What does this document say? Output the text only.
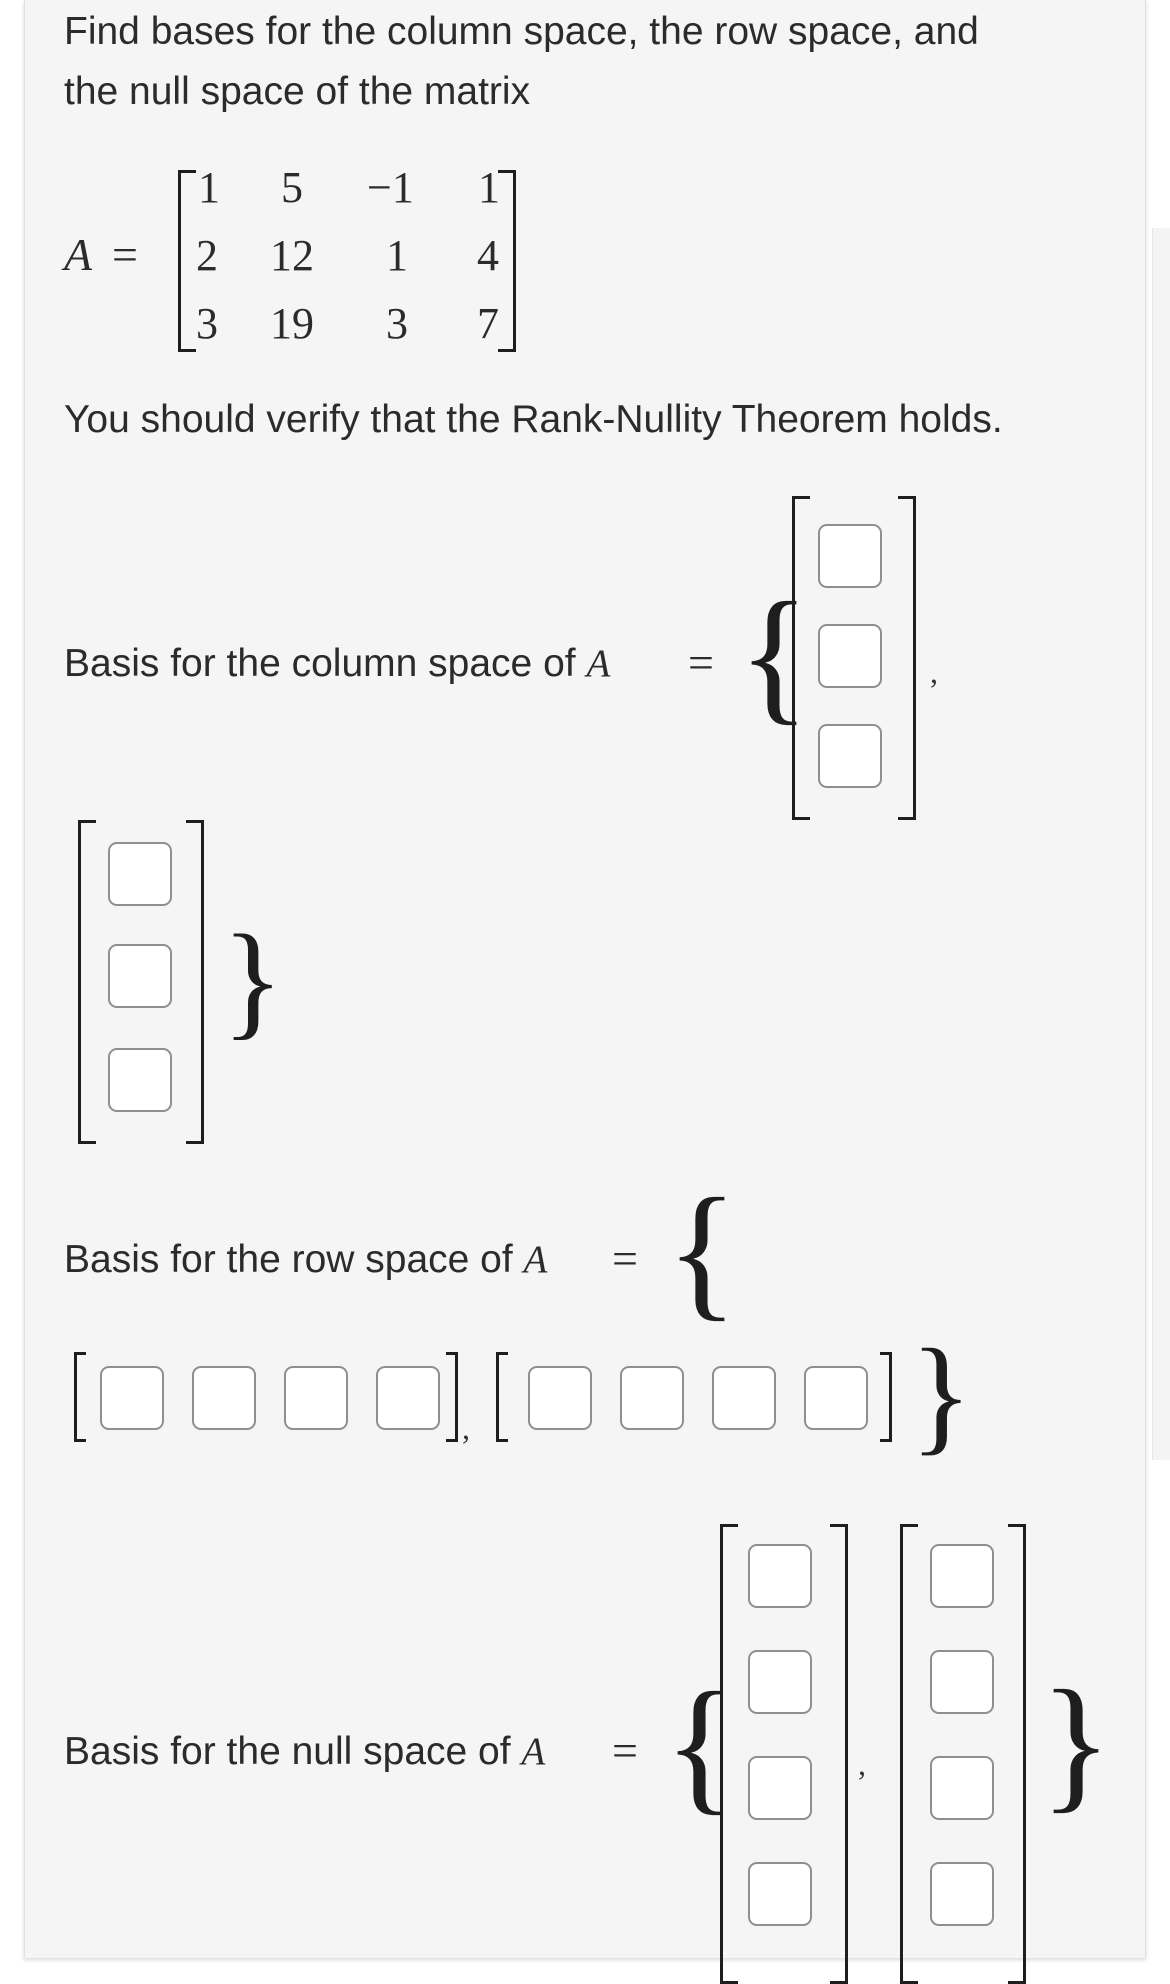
Find bases for the column space, the row space, and

the null space of the matrix

A =
1 5 −1 1
2 12 1 4
3 19 3 7

You should verify that the Rank-Nullity Theorem holds.

Basis for the column space of A = {	,
}

Basis for the row space of A = {
,	}

Basis for the null space of A = {	, }
